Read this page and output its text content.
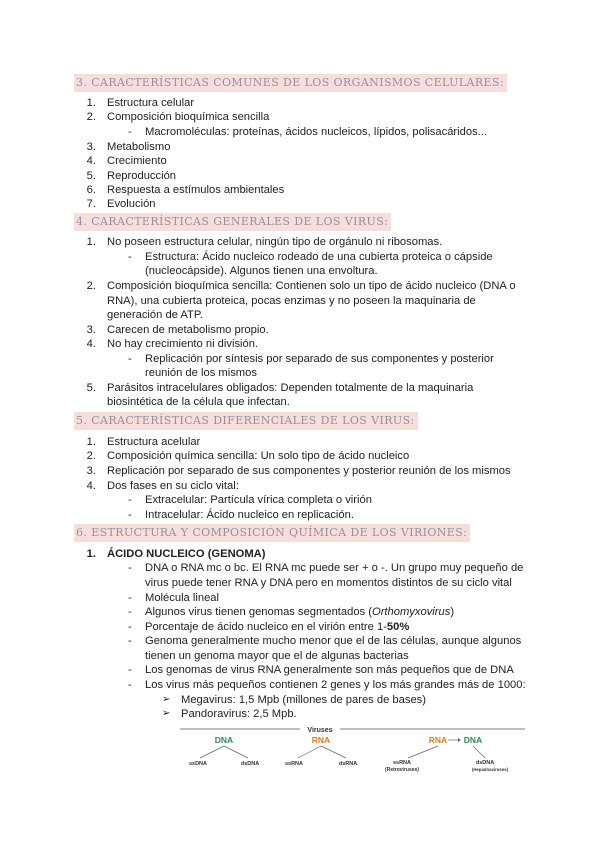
3. CARACTERÍSTICAS COMUNES DE LOS ORGANISMOS CELULARES:
1. Estructura celular
2. Composición bioquímica sencilla
- Macromoléculas: proteínas, ácidos nucleicos, lípidos, polisacáridos...
3. Metabolismo
4. Crecimiento
5. Reproducción
6. Respuesta a estímulos ambientales
7. Evolución
4. CARACTERÍSTICAS GENERALES DE LOS VIRUS:
1. No poseen estructura celular, ningún tipo de orgánulo ni ribosomas.
- Estructura: Ácido nucleico rodeado de una cubierta proteica o cápside
(nucleocápside). Algunos tienen una envoltura.
2. Composición bioquímica sencilla: Contienen solo un tipo de ácido nucleico (DNA o
RNA), una cubierta proteica, pocas enzimas y no poseen la maquinaria de
generación de ATP.
3. Carecen de metabolismo propio.
4. No hay crecimiento ni división.
- Replicación por síntesis por separado de sus componentes y posterior
reunión de los mismos
5. Parásitos intracelulares obligados: Dependen totalmente de la maquinaria
biosintética de la célula que infectan.
5. CARACTERÍSTICAS DIFERENCIALES DE LOS VIRUS:
1. Estructura acelular
2. Composición química sencilla: Un solo tipo de ácido nucleico
3. Replicación por separado de sus componentes y posterior reunión de los mismos
4. Dos fases en su ciclo vital:
- Extracelular: Partícula vírica completa o virión
- Intracelular: Ácido nucleico en replicación.
6. ESTRUCTURA Y COMPOSICIÓN QUÍMICA DE LOS VIRIONES:
1. ÁCIDO NUCLEICO (GENOMA)
- DNA o RNA mc o bc. El RNA mc puede ser + o -. Un grupo muy pequeño de
virus puede tener RNA y DNA pero en momentos distintos de su ciclo vital
- Molécula lineal
- Algunos virus tienen genomas segmentados (Orthomyxovirus)
- Porcentaje de ácido nucleico en el virión entre 1-50%
- Genoma generalmente mucho menor que el de las células, aunque algunos
tienen un genoma mayor que el de algunas bacterias
- Los genomas de virus RNA generalmente son más pequeños que de DNA
- Los virus más pequeños contienen 2 genes y los más grandes más de 1000:
➢ Megavirus: 1,5 Mpb (millones de pares de bases)
➢ Pandoravirus: 2,5 Mpb.
Viruses
DNA
ssDNA	dsDNA
RNA
ssRNA	dsRNA
RNA DNA
ssRNA
(Retroviruses)
dsDNA
(Hepadnaviruses)
